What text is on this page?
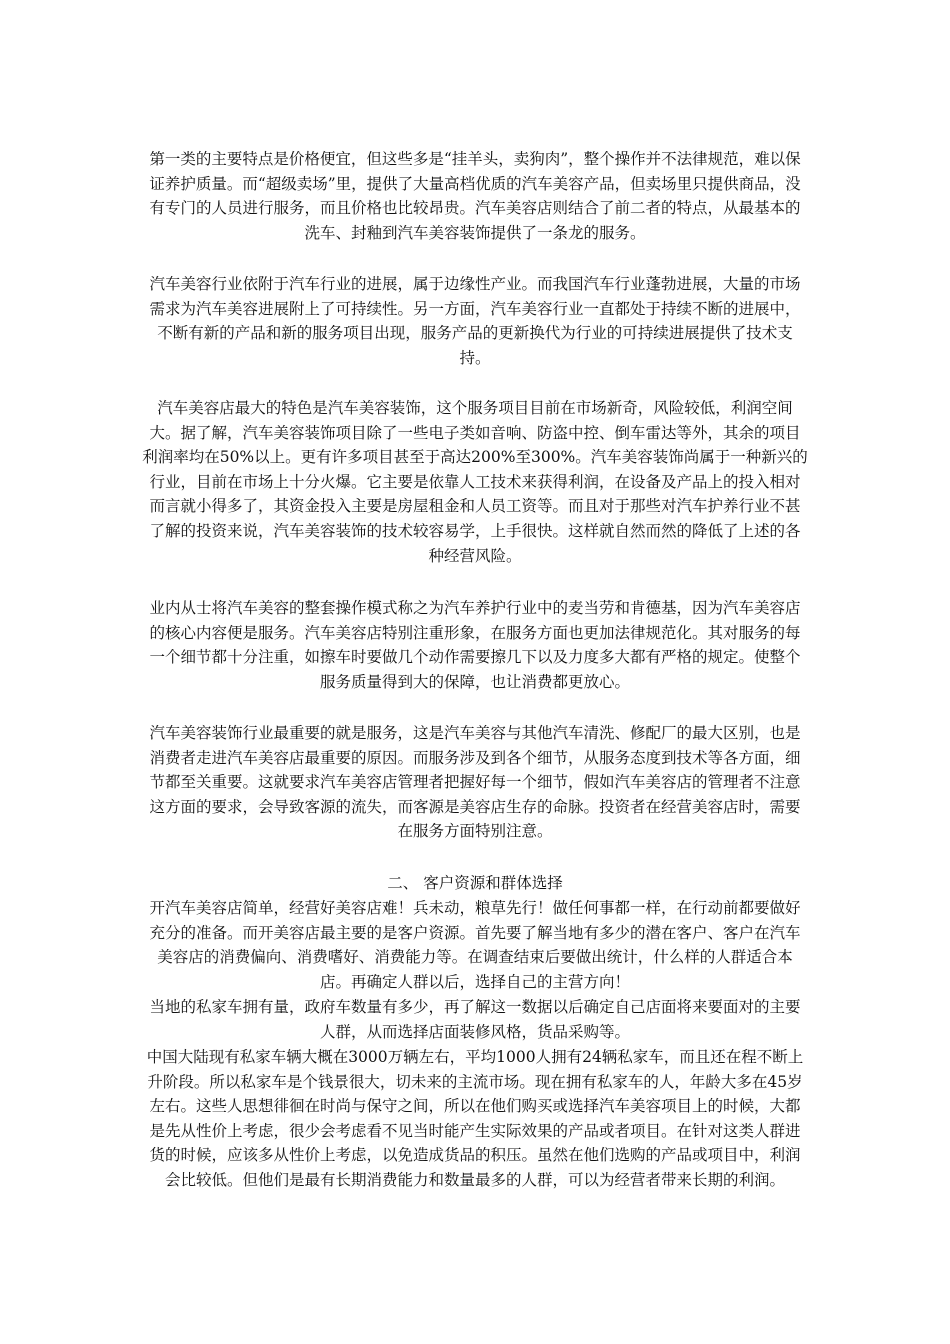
第一类的主要特点是价格便宜，但这些多是“挂羊头，卖狗肉”，整个操作并不法律规范，难以保证养护质量。而“超级卖场”里，提供了大量高档优质的汽车美容产品，但卖场里只提供商品，没有专门的人员进行服务，而且价格也比较昂贵。汽车美容店则结合了前二者的特点，从最基本的洗车、封釉到汽车美容装饰提供了一条龙的服务。

汽车美容行业依附于汽车行业的进展，属于边缘性产业。而我国汽车行业蓬勃进展，大量的市场需求为汽车美容进展附上了可持续性。另一方面，汽车美容行业一直都处于持续不断的进展中，不断有新的产品和新的服务项目出现，服务产品的更新换代为行业的可持续进展提供了技术支持。

汽车美容店最大的特色是汽车美容装饰，这个服务项目目前在市场新奇，风险较低，利润空间大。据了解，汽车美容装饰项目除了一些电子类如音响、防盗中控、倒车雷达等外，其余的项目利润率均在50%以上。更有许多项目甚至于高达200%至300%。汽车美容装饰尚属于一种新兴的行业，目前在市场上十分火爆。它主要是依靠人工技术来获得利润，在设备及产品上的投入相对而言就小得多了，其资金投入主要是房屋租金和人员工资等。而且对于那些对汽车护养行业不甚了解的投资来说，汽车美容装饰的技术较容易学，上手很快。这样就自然而然的降低了上述的各种经营风险。

业内从士将汽车美容的整套操作模式称之为汽车养护行业中的麦当劳和肯德基，因为汽车美容店的核心内容便是服务。汽车美容店特别注重形象，在服务方面也更加法律规范化。其对服务的每一个细节都十分注重，如擦车时要做几个动作需要擦几下以及力度多大都有严格的规定。使整个服务质量得到大的保障，也让消费都更放心。

汽车美容装饰行业最重要的就是服务，这是汽车美容与其他汽车清洗、修配厂的最大区别，也是消费者走进汽车美容店最重要的原因。而服务涉及到各个细节，从服务态度到技术等各方面，细节都至关重要。这就要求汽车美容店管理者把握好每一个细节，假如汽车美容店的管理者不注意这方面的要求，会导致客源的流失，而客源是美容店生存的命脉。投资者在经营美容店时，需要在服务方面特别注意。

二、 客户资源和群体选择

开汽车美容店简单，经营好美容店难！兵未动，粮草先行！做任何事都一样，在行动前都要做好充分的准备。而开美容店最主要的是客户资源。首先要了解当地有多少的潜在客户、客户在汽车美容店的消费偏向、消费嗜好、消费能力等。在调查结束后要做出统计，什么样的人群适合本店。再确定人群以后，选择自己的主营方向！

当地的私家车拥有量，政府车数量有多少，再了解这一数据以后确定自己店面将来要面对的主要人群，从而选择店面装修风格，货品采购等。

中国大陆现有私家车辆大概在3000万辆左右，平均1000人拥有24辆私家车，而且还在程不断上升阶段。所以私家车是个钱景很大，切未来的主流市场。现在拥有私家车的人，年龄大多在45岁左右。这些人思想徘徊在时尚与保守之间，所以在他们购买或选择汽车美容项目上的时候，大都是先从性价上考虑，很少会考虑看不见当时能产生实际效果的产品或者项目。在针对这类人群进货的时候，应该多从性价上考虑，以免造成货品的积压。虽然在他们选购的产品或项目中，利润会比较低。但他们是最有长期消费能力和数量最多的人群，可以为经营者带来长期的利润。
